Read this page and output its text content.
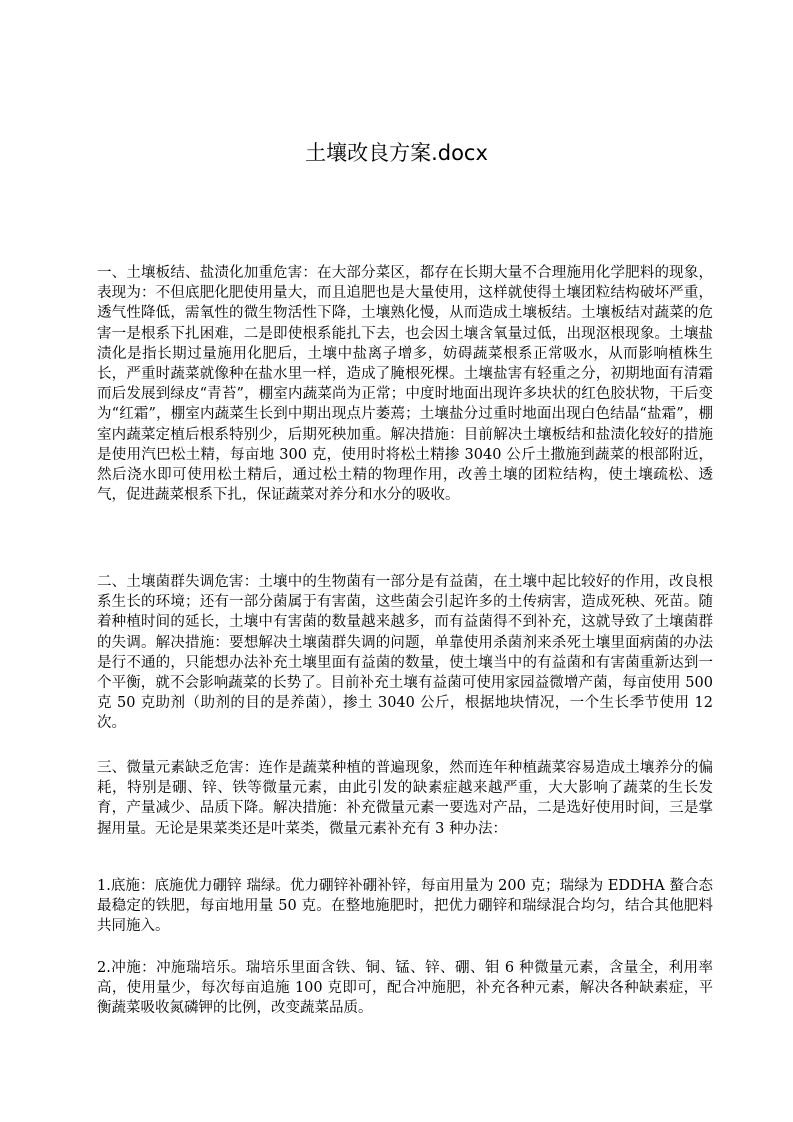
土壤改良方案.docx

一、土壤板结、盐渍化加重危害：在大部分菜区，都存在长期大量不合理施用化学肥料的现象，表现为：不但底肥化肥使用量大，而且追肥也是大量使用，这样就使得土壤团粒结构破坏严重，透气性降低，需氧性的微生物活性下降，土壤熟化慢，从而造成土壤板结。土壤板结对蔬菜的危害一是根系下扎困难，二是即使根系能扎下去，也会因土壤含氧量过低，出现沤根现象。土壤盐渍化是指长期过量施用化肥后，土壤中盐离子增多，妨碍蔬菜根系正常吸水，从而影响植株生长，严重时蔬菜就像种在盐水里一样，造成了腌根死棵。土壤盐害有轻重之分，初期地面有清霜而后发展到绿皮“青苔”，棚室内蔬菜尚为正常；中度时地面出现许多块状的红色胶状物，干后变为“红霜”，棚室内蔬菜生长到中期出现点片萎蔫；土壤盐分过重时地面出现白色结晶“盐霜”，棚室内蔬菜定植后根系特别少，后期死秧加重。解决措施：目前解决土壤板结和盐渍化较好的措施是使用汽巴松土精，每亩地 300 克，使用时将松土精掺 3040 公斤土撒施到蔬菜的根部附近，然后浇水即可使用松土精后，通过松土精的物理作用，改善土壤的团粒结构，使土壤疏松、透气，促进蔬菜根系下扎，保证蔬菜对养分和水分的吸收。

二、土壤菌群失调危害：土壤中的生物菌有一部分是有益菌，在土壤中起比较好的作用，改良根系生长的环境；还有一部分菌属于有害菌，这些菌会引起许多的土传病害，造成死秧、死苗。随着种植时间的延长，土壤中有害菌的数量越来越多，而有益菌得不到补充，这就导致了土壤菌群的失调。解决措施：要想解决土壤菌群失调的问题，单靠使用杀菌剂来杀死土壤里面病菌的办法是行不通的，只能想办法补充土壤里面有益菌的数量，使土壤当中的有益菌和有害菌重新达到一个平衡，就不会影响蔬菜的长势了。目前补充土壤有益菌可使用家园益微增产菌，每亩使用 500 克 50 克助剂（助剂的目的是养菌），掺土 3040 公斤，根据地块情况，一个生长季节使用 12 次。

三、微量元素缺乏危害：连作是蔬菜种植的普遍现象，然而连年种植蔬菜容易造成土壤养分的偏耗，特别是硼、锌、铁等微量元素，由此引发的缺素症越来越严重，大大影响了蔬菜的生长发育，产量减少、品质下降。解决措施：补充微量元素一要选对产品，二是选好使用时间，三是掌握用量。无论是果菜类还是叶菜类，微量元素补充有 3 种办法：

1.底施：底施优力硼锌 瑞绿。优力硼锌补硼补锌，每亩用量为 200 克；瑞绿为 EDDHA 螯合态最稳定的铁肥，每亩地用量 50 克。在整地施肥时，把优力硼锌和瑞绿混合均匀，结合其他肥料共同施入。

2.冲施：冲施瑞培乐。瑞培乐里面含铁、铜、锰、锌、硼、钼 6 种微量元素，含量全，利用率高，使用量少，每次每亩追施 100 克即可，配合冲施肥，补充各种元素，解决各种缺素症，平衡蔬菜吸收氮磷钾的比例，改变蔬菜品质。
